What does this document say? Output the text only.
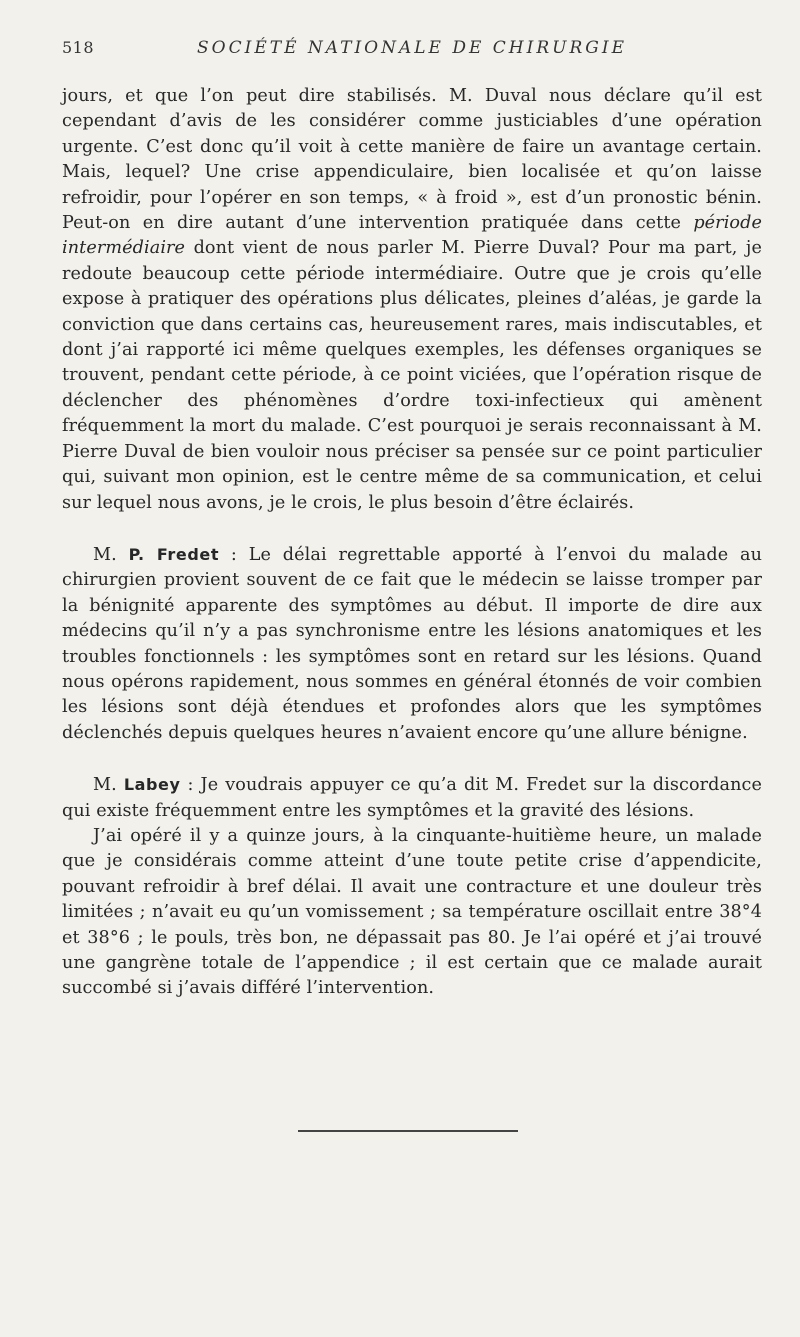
518	SOCIÉTÉ NATIONALE DE CHIRURGIE

jours, et que l’on peut dire stabilisés. M. Duval nous déclare qu’il est cependant d’avis de les considérer comme justiciables d’une opération urgente. C’est donc qu’il voit à cette manière de faire un avantage certain. Mais, lequel? Une crise appendiculaire, bien localisée et qu’on laisse refroidir, pour l’opérer en son temps, « à froid », est d’un pronostic bénin. Peut-on en dire autant d’une intervention pratiquée dans cette période intermédiaire dont vient de nous parler M. Pierre Duval? Pour ma part, je redoute beaucoup cette période intermédiaire. Outre que je crois qu’elle expose à pratiquer des opérations plus délicates, pleines d’aléas, je garde la conviction que dans certains cas, heureusement rares, mais indiscutables, et dont j’ai rapporté ici même quelques exemples, les défenses organiques se trouvent, pendant cette période, à ce point viciées, que l’opération risque de déclencher des phénomènes d’ordre toxi-infectieux qui amènent fréquemment la mort du malade. C’est pourquoi je serais reconnaissant à M. Pierre Duval de bien vouloir nous préciser sa pensée sur ce point particulier qui, suivant mon opinion, est le centre même de sa communication, et celui sur lequel nous avons, je le crois, le plus besoin d’être éclairés.

M. P. Fredet : Le délai regrettable apporté à l’envoi du malade au chirurgien provient souvent de ce fait que le médecin se laisse tromper par la bénignité apparente des symptômes au début. Il importe de dire aux médecins qu’il n’y a pas synchronisme entre les lésions anatomiques et les troubles fonctionnels : les symptômes sont en retard sur les lésions. Quand nous opérons rapidement, nous sommes en général étonnés de voir combien les lésions sont déjà étendues et profondes alors que les symptômes déclenchés depuis quelques heures n’avaient encore qu’une allure bénigne.

M. Labey : Je voudrais appuyer ce qu’a dit M. Fredet sur la discordance qui existe fréquemment entre les symptômes et la gravité des lésions.

J’ai opéré il y a quinze jours, à la cinquante-huitième heure, un malade que je considérais comme atteint d’une toute petite crise d’appendicite, pouvant refroidir à bref délai. Il avait une contracture et une douleur très limitées ; n’avait eu qu’un vomissement ; sa température oscillait entre 38°4 et 38°6 ; le pouls, très bon, ne dépassait pas 80. Je l’ai opéré et j’ai trouvé une gangrène totale de l’appendice ; il est certain que ce malade aurait succombé si j’avais différé l’intervention.
